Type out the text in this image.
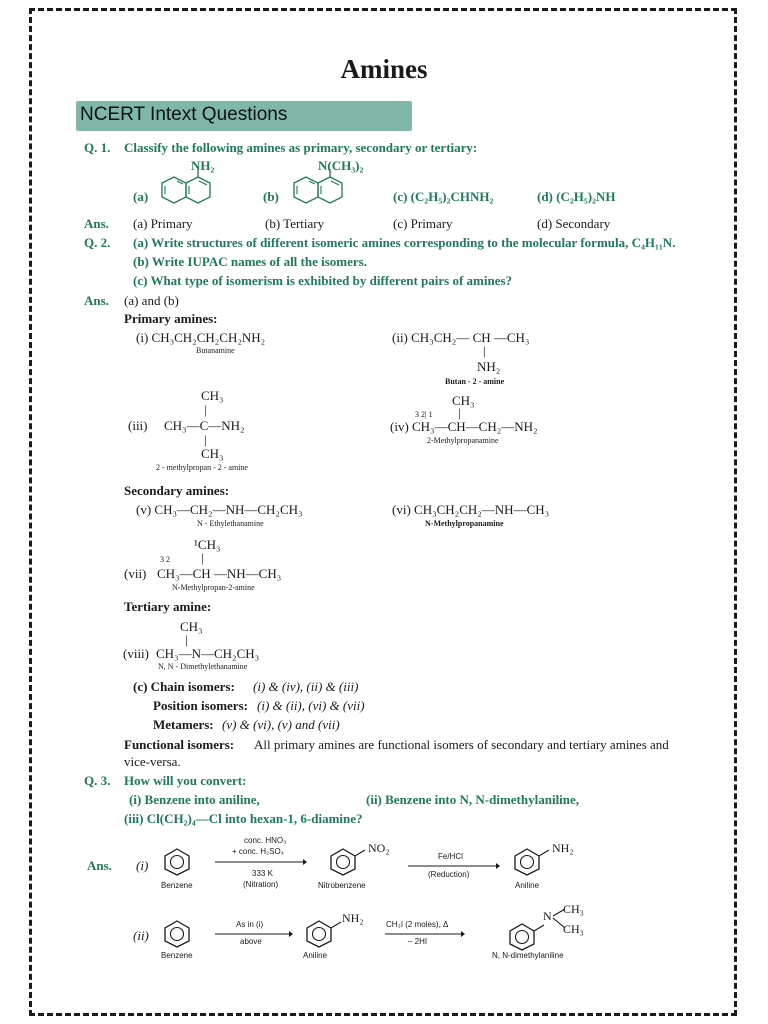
Amines
NCERT Intext Questions
Q. 1. Classify the following amines as primary, secondary or tertiary:
(a)
NH₂
(b)
N(CH₃)₂
(c) (C₂H₅)₂CHNH₂	(d) (C₂H₅)₂NH
Ans. (a) Primary	(b) Tertiary	(c) Primary	(d) Secondary
Q. 2. (a) Write structures of different isomeric amines corresponding to the molecular formula, C₄H₁₁N.
(b) Write IUPAC names of all the isomers.
(c) What type of isomerism is exhibited by different pairs of amines?
Ans. (a) and (b)
Primary amines:
(i) CH₃CH₂CH₂CH₂NH₂
Butanamine
(ii) CH₃CH₂— CH —CH₃
|
NH₂
Butan - 2 - amine
CH₃
|
(iii) CH₃—C—NH₂
|
CH₃
2 - methylpropan - 2 - amine
CH₃
3 2| 1 |
(iv) CH₃—CH—CH₂—NH₂
2-Methylpropanamine
Secondary amines:
(v) CH₃—CH₂—NH—CH₂CH₃
N - Ethylethanamine
(vi) CH₃CH₂CH₂—NH—CH₃
N-Methylpropanamine
¹CH₃
3 2 |
(vii) CH₃—CH —NH—CH₃
N-Methylpropan-2-amine
Tertiary amine:
CH₃
|
(viii) CH₃—N—CH₂CH₃
N, N - Dimethylethanamine
(c) Chain isomers: (i) & (iv), (ii) & (iii)
Position isomers: (i) & (ii), (vi) & (vii)
Metamers: (v) & (vi), (v) and (vii)
Functional isomers: All primary amines are functional isomers of secondary and tertiary amines and
vice-versa.
Q. 3. How will you convert:
(i) Benzene into aniline,	(ii) Benzene into N, N-dimethylaniline,
(iii) Cl(CH₂)₄—Cl into hexan-1, 6-diamine?
Ans. (i)
Benzene
conc. HNO₃
+ conc. H₂SO₄
333 K
(Nitration)
NO₂
Nitrobenzene
Fe/HCl
(Reduction)
NH₂
Aniline
(ii)
Benzene
As in (i)
above
NH₂
Aniline
CH₃I (2 moles), Δ
– 2HI
N CH₃
CH₃
N, N-dimethylaniline
